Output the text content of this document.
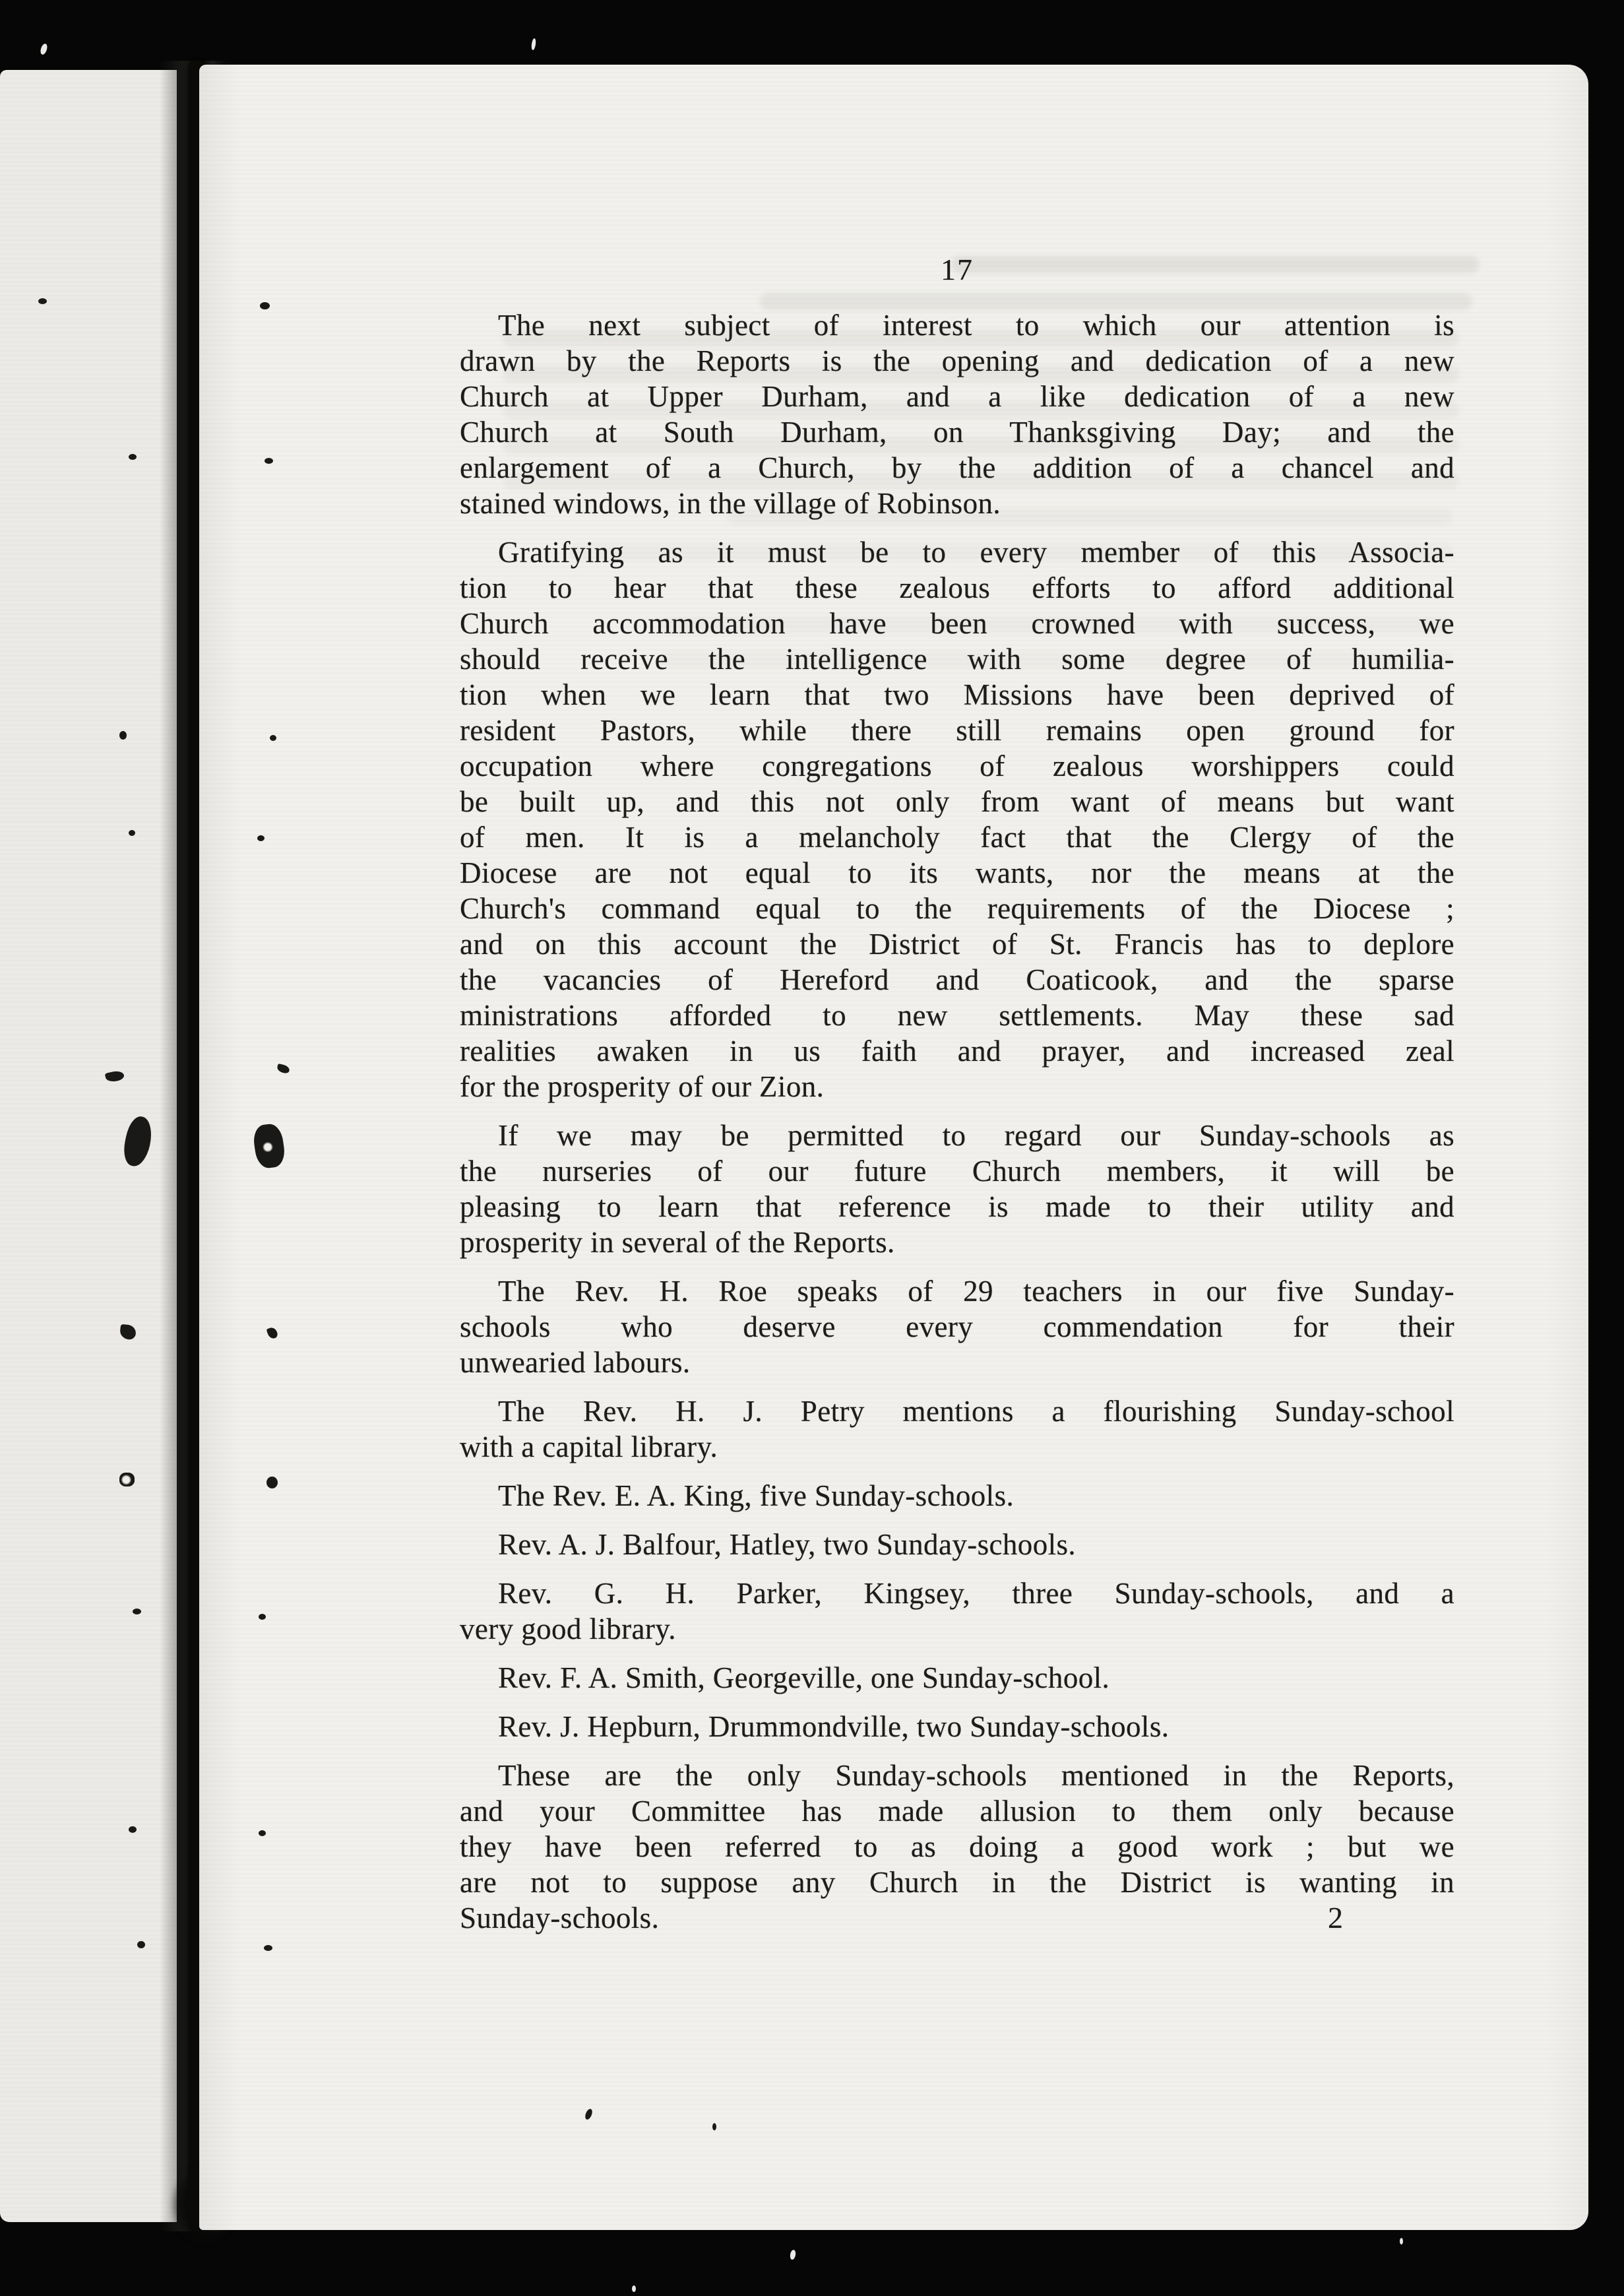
17
The next subject of interest to which our attention is
drawn by the Reports is the opening and dedication of a new
Church at Upper Durham, and a like dedication of a new
Church at South Durham, on Thanksgiving Day; and the
enlargement of a Church, by the addition of a chancel and
stained windows, in the village of Robinson.
Gratifying as it must be to every member of this Associa-
tion to hear that these zealous efforts to afford additional
Church accommodation have been crowned with success, we
should receive the intelligence with some degree of humilia-
tion when we learn that two Missions have been deprived of
resident Pastors, while there still remains open ground for
occupation where congregations of zealous worshippers could
be built up, and this not only from want of means but want
of men. It is a melancholy fact that the Clergy of the
Diocese are not equal to its wants, nor the means at the
Church's command equal to the requirements of the Diocese ;
and on this account the District of St. Francis has to deplore
the vacancies of Hereford and Coaticook, and the sparse
ministrations afforded to new settlements. May these sad
realities awaken in us faith and prayer, and increased zeal
for the prosperity of our Zion.
If we may be permitted to regard our Sunday-schools as
the nurseries of our future Church members, it will be
pleasing to learn that reference is made to their utility and
prosperity in several of the Reports.
The Rev. H. Roe speaks of 29 teachers in our five Sunday-
schools who deserve every commendation for their
unwearied labours.
The Rev. H. J. Petry mentions a flourishing Sunday-school
with a capital library.
The Rev. E. A. King, five Sunday-schools.
Rev. A. J. Balfour, Hatley, two Sunday-schools.
Rev. G. H. Parker, Kingsey, three Sunday-schools, and a
very good library.
Rev. F. A. Smith, Georgeville, one Sunday-school.
Rev. J. Hepburn, Drummondville, two Sunday-schools.
These are the only Sunday-schools mentioned in the Reports,
and your Committee has made allusion to them only because
they have been referred to as doing a good work ; but we
are not to suppose any Church in the District is wanting in
Sunday-schools.	2
